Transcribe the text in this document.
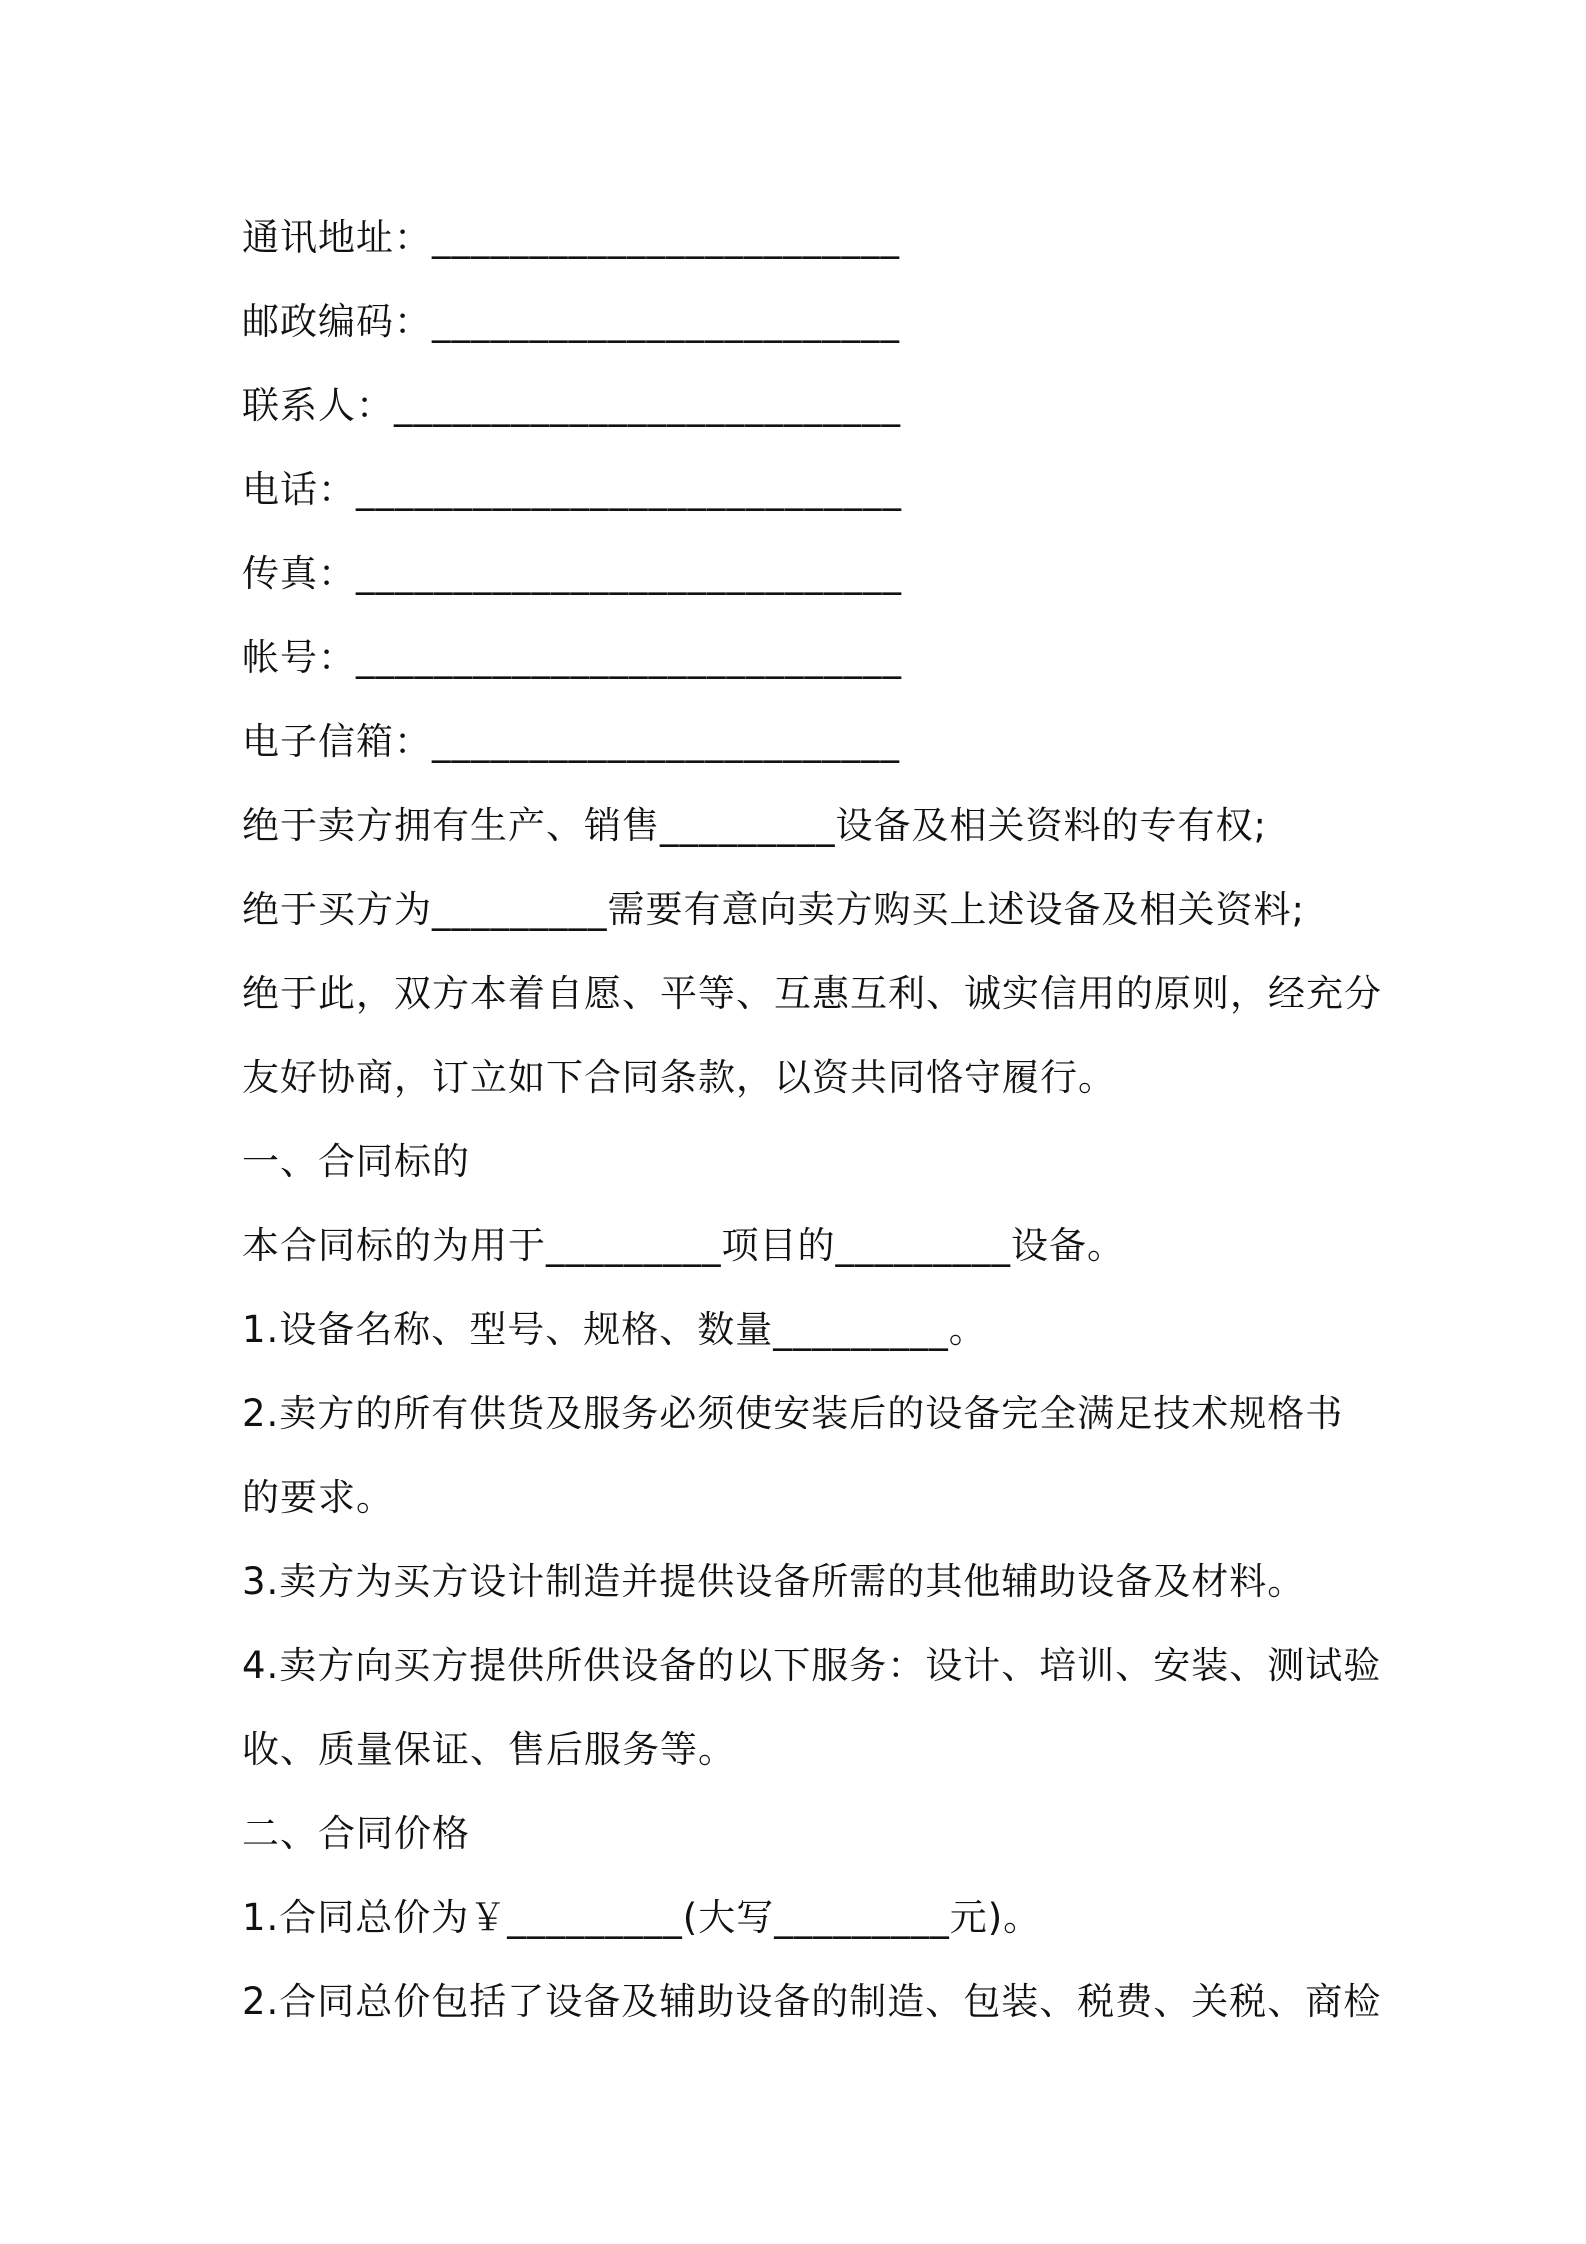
通讯地址：________________________
邮政编码：________________________
联系人：__________________________
电话：____________________________
传真：____________________________
帐号：____________________________
电子信箱：________________________
绝于卖方拥有生产、销售_________设备及相关资料的专有权;
绝于买方为_________需要有意向卖方购买上述设备及相关资料;
绝于此，双方本着自愿、平等、互惠互利、诚实信用的原则，经充分
友好协商，订立如下合同条款，以资共同恪守履行。
一、合同标的
本合同标的为用于_________项目的_________设备。
1.设备名称、型号、规格、数量_________。
2.卖方的所有供货及服务必须使安装后的设备完全满足技术规格书
的要求。
3.卖方为买方设计制造并提供设备所需的其他辅助设备及材料。
4.卖方向买方提供所供设备的以下服务：设计、培训、安装、测试验
收、质量保证、售后服务等。
二、合同价格
1.合同总价为￥_________(大写_________元)。
2.合同总价包括了设备及辅助设备的制造、包装、税费、关税、商检
